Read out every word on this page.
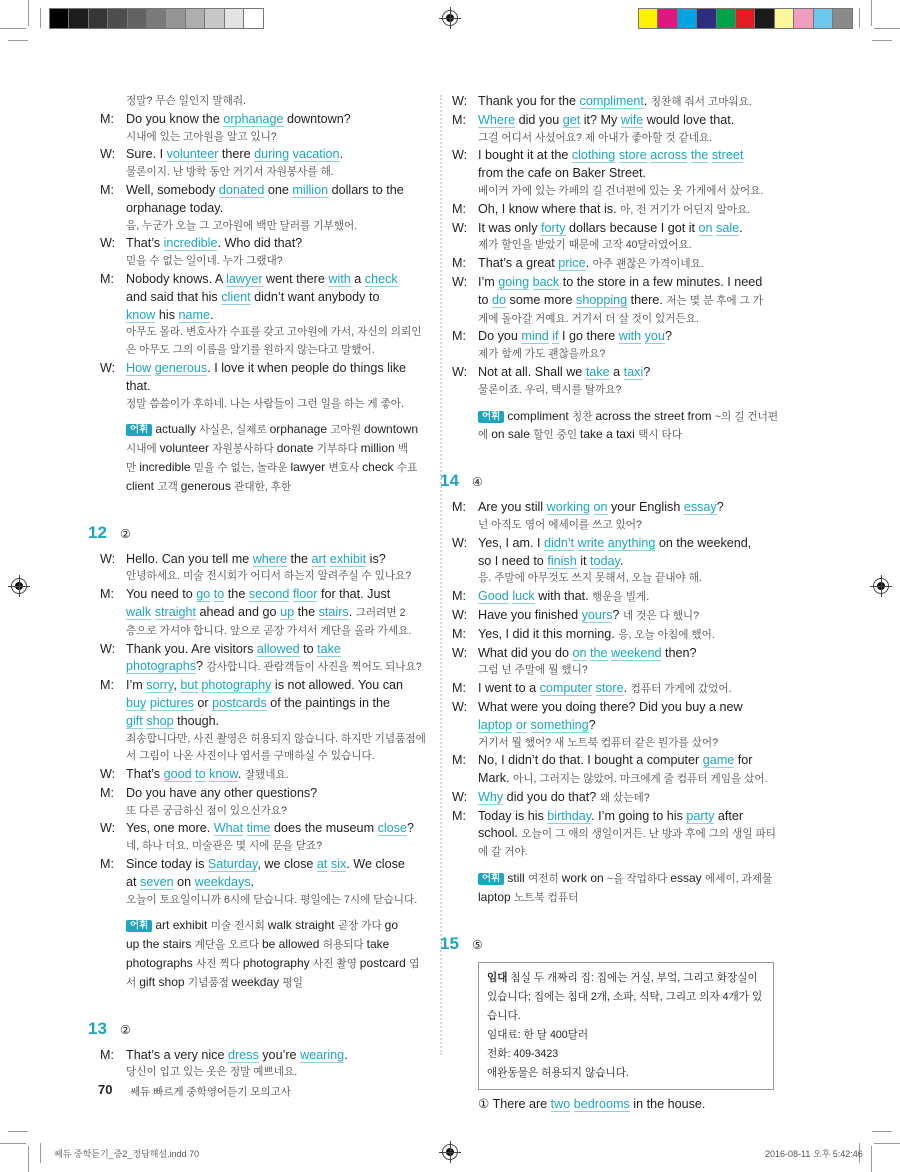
정말? 무슨 일인지 말해줘.
M: Do you know the orphanage downtown?
시내에 있는 고아원을 알고 있니?
W: Sure. I volunteer there during vacation.
물론이지. 난 방학 동안 거기서 자원봉사를 해.
M: Well, somebody donated one million dollars to the
orphanage today.
음, 누군가 오늘 그 고아원에 백만 달러를 기부했어.
W: That’s incredible. Who did that?
믿을 수 없는 일이네. 누가 그랬대?
M: Nobody knows. A lawyer went there with a check
and said that his client didn’t want anybody to
know his name.
아무도 몰라. 변호사가 수표를 갖고 고아원에 가서, 자신의 의뢰인
은 아무도 그의 이름을 알기를 원하지 않는다고 말했어.
W: How generous. I love it when people do things like
that.
정말 씀씀이가 후하네. 나는 사람들이 그런 일을 하는 게 좋아.
어휘 actually 사실은, 실제로 orphanage 고아원 downtown
시내에 volunteer 자원봉사하다 donate 기부하다 million 백
만 incredible 믿을 수 없는, 놀라운 lawyer 변호사 check 수표
client 고객 generous 관대한, 후한
12	②
W: Hello. Can you tell me where the art exhibit is?
안녕하세요. 미술 전시회가 어디서 하는지 알려주실 수 있나요?
M: You need to go to the second floor for that. Just
walk straight ahead and go up the stairs. 그러려면 2
층으로 가셔야 합니다. 앞으로 곧장 가셔서 계단을 올라 가세요.
W: Thank you. Are visitors allowed to take
photographs? 감사합니다. 관람객들이 사진을 찍어도 되나요?
M: I’m sorry, but photography is not allowed. You can
buy pictures or postcards of the paintings in the
gift shop though.
죄송합니다만, 사진 촬영은 허용되지 않습니다. 하지만 기념품점에
서 그림이 나온 사진이나 엽서를 구매하실 수 있습니다.
W: That’s good to know. 잘됐네요.
M: Do you have any other questions?
또 다른 궁금하신 점이 있으신가요?
W: Yes, one more. What time does the museum close?
네, 하나 더요. 미술관은 몇 시에 문을 닫죠?
M: Since today is Saturday, we close at six. We close
at seven on weekdays.
오늘이 토요일이니까 6시에 닫습니다. 평일에는 7시에 닫습니다.
어휘 art exhibit 미술 전시회 walk straight 곧장 가다 go
up the stairs 계단을 오르다 be allowed 허용되다 take
photographs 사진 찍다 photography 사진 촬영 postcard 엽
서 gift shop 기념품점 weekday 평일
13	②
M: That’s a very nice dress you’re wearing.
당신이 입고 있는 옷은 정말 예쁘네요.
W: Thank you for the compliment. 칭찬해 줘서 고마워요.
M: Where did you get it? My wife would love that.
그걸 어디서 사셨어요? 제 아내가 좋아할 것 같네요.
W: I bought it at the clothing store across the street
from the cafe on Baker Street.
베이커 가에 있는 카페의 길 건너편에 있는 옷 가게에서 샀어요.
M: Oh, I know where that is. 아, 전 거기가 어딘지 알아요.
W: It was only forty dollars because I got it on sale.
제가 할인을 받았기 때문에 고작 40달러였어요.
M: That’s a great price. 아주 괜찮은 가격이네요.
W: I’m going back to the store in a few minutes. I need
to do some more shopping there. 저는 몇 분 후에 그 가
게에 돌아갈 거예요. 거기서 더 살 것이 있거든요.
M: Do you mind if I go there with you?
제가 함께 가도 괜찮을까요?
W: Not at all. Shall we take a taxi?
물론이죠. 우리, 택시를 탈까요?
어휘 compliment 칭찬 across the street from ~의 길 건너편
에 on sale 할인 중인 take a taxi 택시 타다
14	④
M: Are you still working on your English essay?
넌 아직도 영어 에세이를 쓰고 있어?
W: Yes, I am. I didn’t write anything on the weekend,
so I need to finish it today.
응. 주말에 아무것도 쓰지 못해서, 오늘 끝내야 해.
M: Good luck with that. 행운을 빌게.
W: Have you finished yours? 네 것은 다 했니?
M: Yes, I did it this morning. 응, 오늘 아침에 했어.
W: What did you do on the weekend then?
그럼 넌 주말에 뭘 했니?
M: I went to a computer store. 컴퓨터 가게에 갔었어.
W: What were you doing there? Did you buy a new
laptop or something?
거기서 뭘 했어? 새 노트북 컴퓨터 같은 뭔가를 샀어?
M: No, I didn’t do that. I bought a computer game for
Mark. 아니, 그러지는 않았어. 마크에게 줄 컴퓨터 게임을 샀어.
W: Why did you do that? 왜 샀는데?
M: Today is his birthday. I’m going to his party after
school. 오늘이 그 애의 생일이거든. 난 방과 후에 그의 생일 파티
에 갈 거야.
어휘 still 여전히 work on ~을 작업하다 essay 에세이, 과제물
laptop 노트북 컴퓨터
15	⑤
임대 침실 두 개짜리 집: 집에는 거실, 부엌, 그리고 화장실이 있습니다; 집에는 침대 2개, 소파, 식탁, 그리고 의자 4개가 있습니다.
임대료: 한 달 400달러
전화: 409-3423
애완동물은 허용되지 않습니다.
① There are two bedrooms in the house.
70 쎄듀 빠르게 중학영어듣기 모의고사
쎄듀 중학듣기_중2_정답해설.indd 70	2016-08-11 오후 5:42:46
